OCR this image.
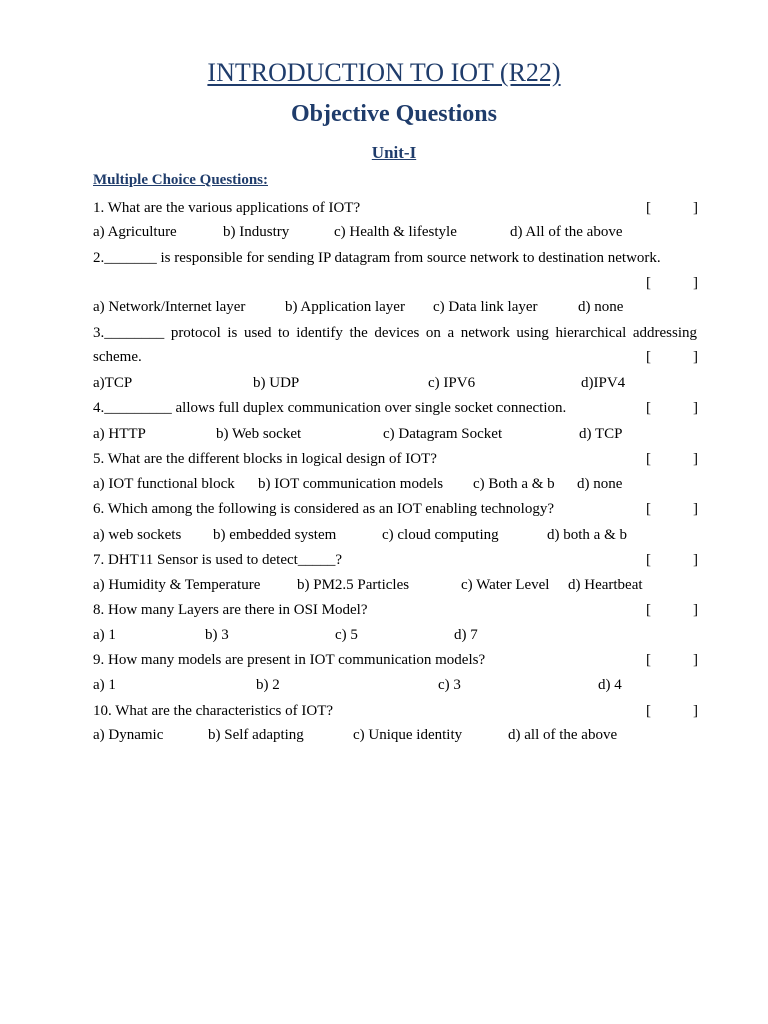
INTRODUCTION TO IOT (R22)
Objective Questions
Unit-I
Multiple Choice Questions:
1. What are the various applications of IOT?	[	]
a) Agriculture	b) Industry	c) Health & lifestyle	d) All of the above
2._______ is responsible for sending IP datagram from source network to destination network.
[	]
a) Network/Internet layer	b) Application layer c) Data link layer	d) none
3.________ protocol is used to identify the devices on a network using hierarchical addressing
scheme.	[	]
a)TCP	b) UDP	c) IPV6	d)IPV4
4._________ allows full duplex communication over single socket connection.	[	]
a) HTTP	b) Web socket	c) Datagram Socket	d) TCP
5. What are the different blocks in logical design of IOT?	[	]
a) IOT functional block b) IOT communication models c) Both a & b d) none
6. Which among the following is considered as an IOT enabling technology?	[	]
a) web sockets b) embedded system	c) cloud computing	d) both a & b
7. DHT11 Sensor is used to detect_____?	[	]
a) Humidity & Temperature b) PM2.5 Particles	c) Water Level d) Heartbeat
8. How many Layers are there in OSI Model?	[	]
a) 1	b) 3	c) 5	d) 7
9. How many models are present in IOT communication models?	[	]
a) 1	b) 2	c) 3	d) 4
10. What are the characteristics of IOT?	[	]
a) Dynamic	b) Self adapting	c) Unique identity	d) all of the above
